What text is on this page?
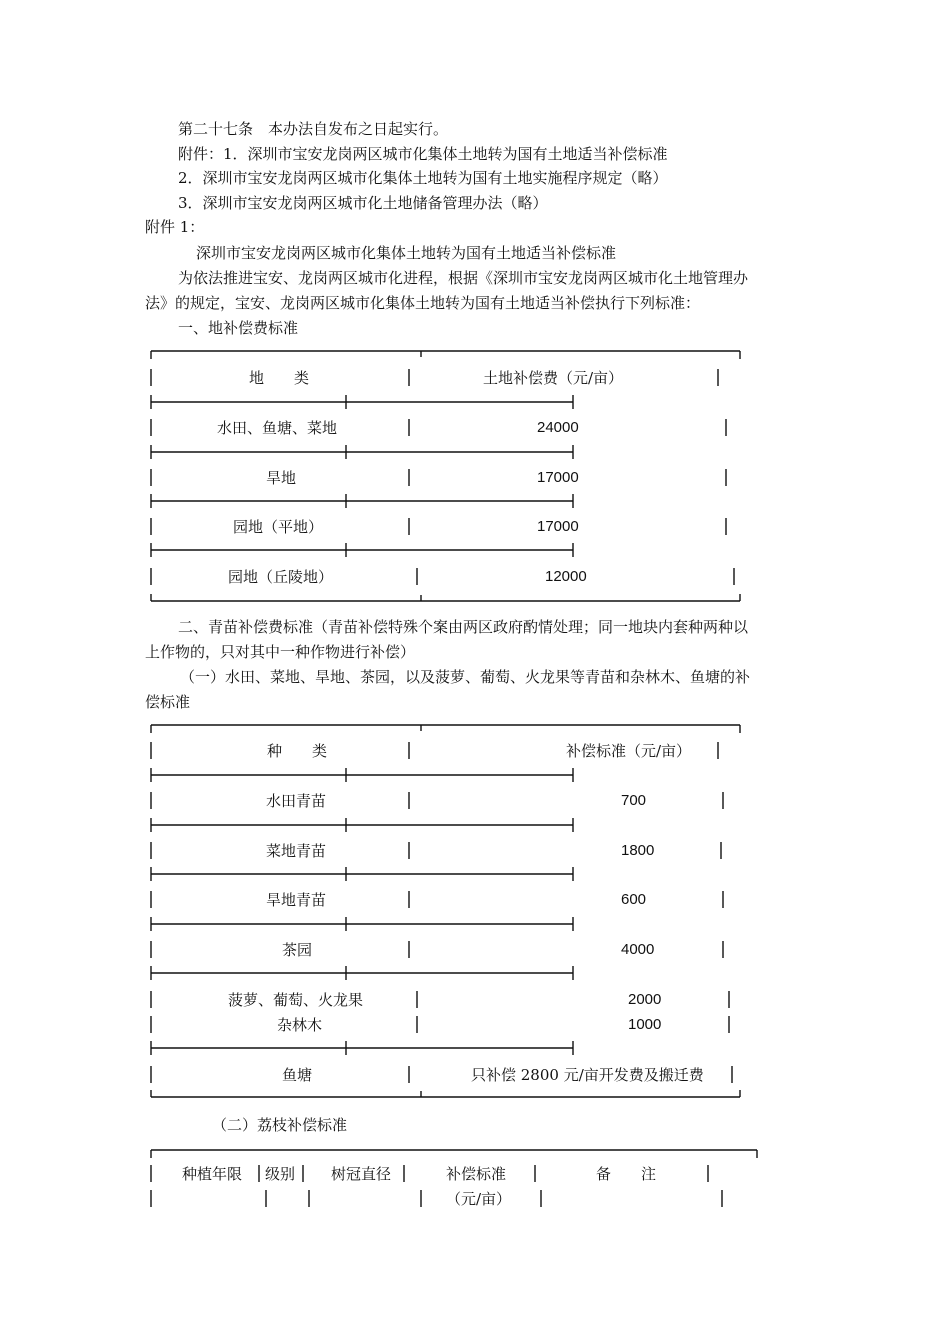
第二十七条　本办法自发布之日起实行。
附件：1．深圳市宝安龙岗两区城市化集体土地转为国有土地适当补偿标准
2．深圳市宝安龙岗两区城市化集体土地转为国有土地实施程序规定（略）
3．深圳市宝安龙岗两区城市化土地储备管理办法（略）
附件 1：
深圳市宝安龙岗两区城市化集体土地转为国有土地适当补偿标准
为依法推进宝安、龙岗两区城市化进程，根据《深圳市宝安龙岗两区城市化土地管理办
法》的规定，宝安、龙岗两区城市化集体土地转为国有土地适当补偿执行下列标准：
一、地补偿费标准
地　　类	土地补偿费（元/亩）
水田、鱼塘、菜地	24000
旱地	17000
园地（平地）	17000
园地（丘陵地）	12000
二、青苗补偿费标准（青苗补偿特殊个案由两区政府酌情处理；同一地块内套种两种以
上作物的，只对其中一种作物进行补偿）
（一）水田、菜地、旱地、茶园，以及菠萝、葡萄、火龙果等青苗和杂林木、鱼塘的补
偿标准
种　　类	补偿标准（元/亩）
水田青苗	700
菜地青苗	1800
旱地青苗	600
茶园	4000
菠萝、葡萄、火龙果	2000
杂林木	1000
鱼塘	只补偿 2800 元/亩开发费及搬迁费
（二）荔枝补偿标准
种植年限 级别 树冠直径	补偿标准	备　　注
（元/亩）
